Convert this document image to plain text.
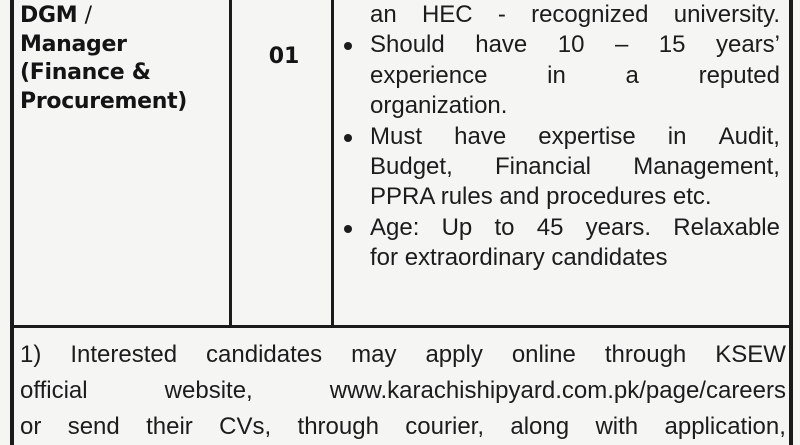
DGM /
Manager
(Finance &
Procurement)
01
an HEC - recognized university.
Should have 10 – 15 years’
experience in a reputed
organization.
Must have expertise in Audit,
Budget, Financial Management,
PPRA rules and procedures etc.
Age: Up to 45 years. Relaxable
for extraordinary candidates
1) Interested candidates may apply online through KSEW
official	website,	www.karachishipyard.com.pk/page/careers
or send their CVs, through courier, along with application,
